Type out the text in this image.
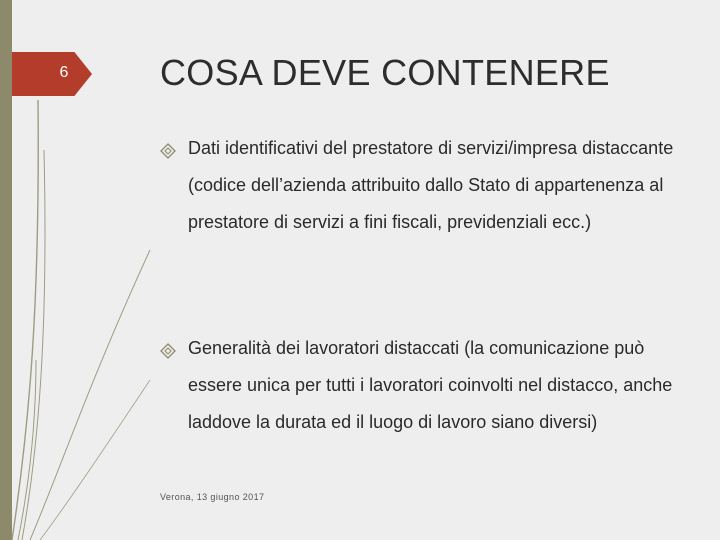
6	COSA DEVE CONTENERE
Dati identificativi del prestatore di servizi/impresa distaccante (codice dell’azienda attribuito dallo Stato di appartenenza al prestatore di servizi a fini fiscali, previdenziali ecc.)
Generalità dei lavoratori distaccati (la comunicazione può essere unica per tutti i lavoratori coinvolti nel distacco, anche laddove la durata ed il luogo di lavoro siano diversi)
Verona, 13 giugno 2017
